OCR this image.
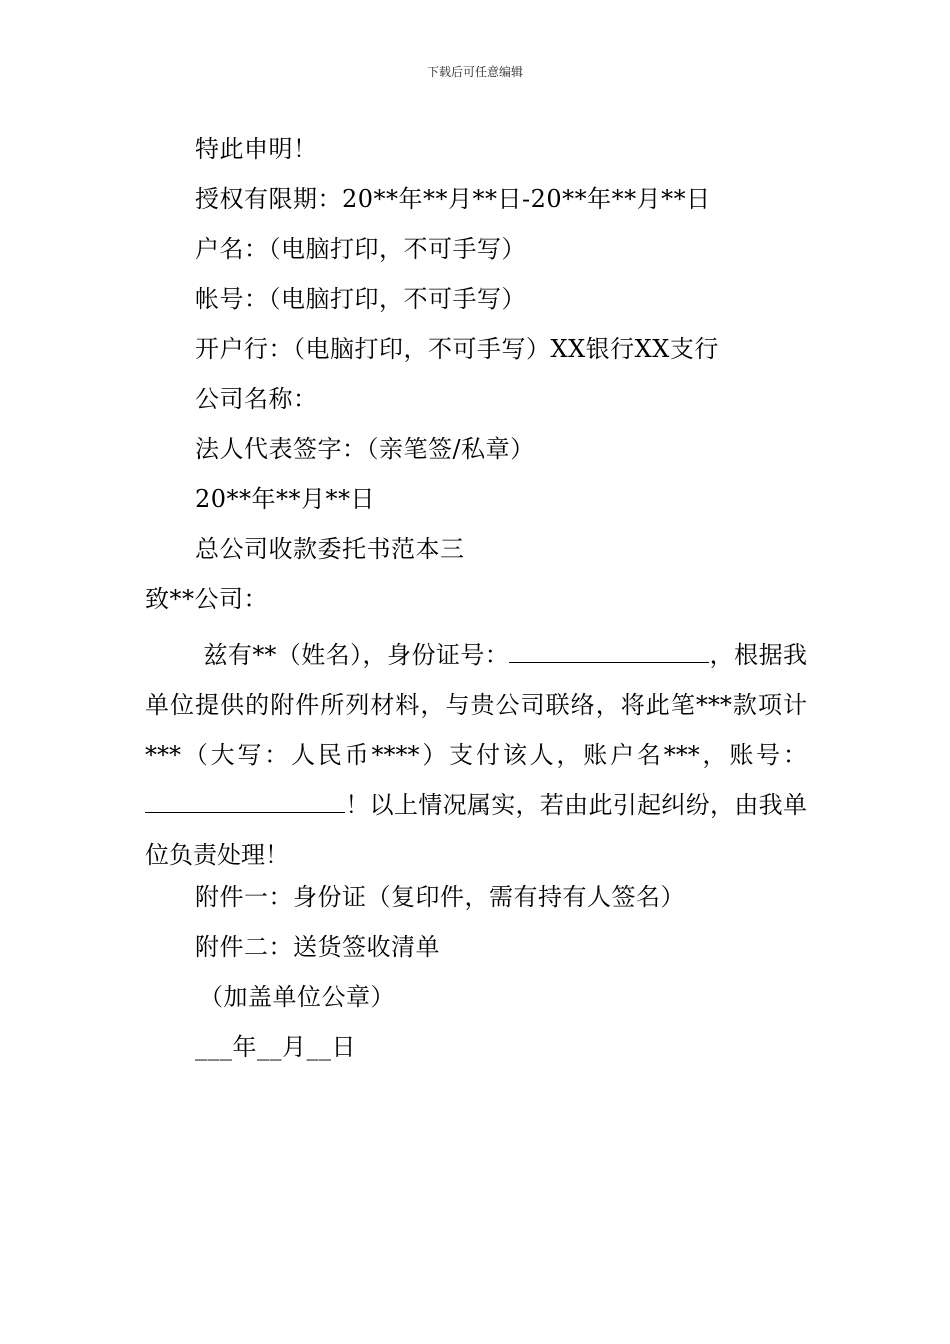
下载后可任意编辑
特此申明！
授权有限期：20**年**月**日-20**年**月**日
户名：（电脑打印，不可手写）
帐号：（电脑打印，不可手写）
开户行：（电脑打印，不可手写）XX银行XX支行
公司名称：
法人代表签字：（亲笔签/私章）
20**年**月**日
总公司收款委托书范本三
致**公司：
兹有**（姓名），身份证号：	，根据我单位提供的附件所列材料，与贵公司联络，将此笔***款项计***（大写：人民币****）支付该人，账户名***，账号：！以上情况属实，若由此引起纠纷，由我单位负责处理！
附件一：身份证（复印件，需有持有人签名）
附件二：送货签收清单
（加盖单位公章）
___年__月__日
